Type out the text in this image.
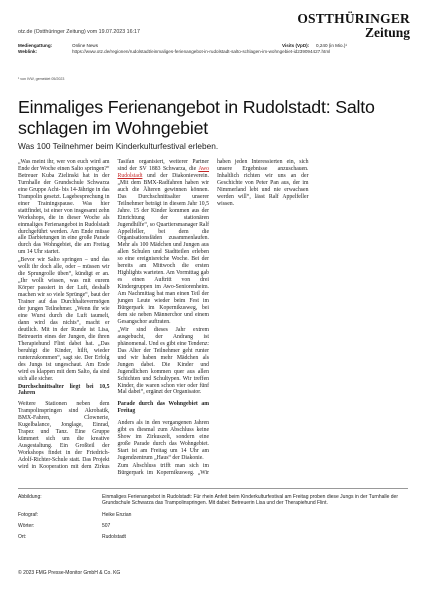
otz.de (Ostthüringer Zeitung) vom 19.07.2023 16:17
OSTTHÜRINGER
Zeitung
Mediengattung:	Online News	Visits (VpD):	0,240 (in Mio.)¹
Weblink:	https://www.otz.de/regionen/rudolstadt/einmaliges-ferienangebot-in-rudolstadt-salto-schlagen-im-wohngebiet-id239094427.html
¹ von IVW, gemeldet 05/2023
Einmaliges Ferienangebot in Rudolstadt: Salto schlagen im Wohngebiet
Was 100 Teilnehmer beim Kinderkulturfestival erleben.

„Was meint ihr, wer von euch wird am Ende der Woche einen Salto springen?“ Betreuer Kuba Zielinski hat in der Turnhalle der Grundschule Schwarza eine Gruppe Acht- bis 14-Jährige in das Trampolin gesetzt. Lagebesprechung in einer Trainingspause. Was hier stattfindet, ist einer von insgesamt zehn Workshops, die in dieser Woche als einmaliges Ferienangebot in Rudolstadt durchgeführt werden. Am Ende müsse alle Darbietungen in eine große Parade durch das Wohngebiet, die am Freitag um 14 Uhr startet.

„Bevor wir Salto springen – und das wollt ihr doch alle, oder – müssen wir die Sprungrolle üben“, kündigt er an. „Ihr wollt wissen, was mit eurem Körper passiert in der Luft, deshalb machen wir so viele Sprünge“, baut der Trainer auf das Durchhaltevermögen der jungen Teilnehmer. „Wenn ihr wie eine Wurst durch die Luft taumelt, dann wird das nichts“, macht er deutlich. Mit in der Runde ist Lisa, Betreuerin eines der Jungen, die ihren Therapiehund Flint dabei hat. „Das beruhigt die Kinder, hilft, wieder runterzukommen“, sagt sie. Der Erfolg des Jungs ist ungeschaut. Am Ende wird es klappen mit dem Salto, da sind sich alle sicher.

Durchschnittsalter liegt bei 10,5 Jahren

Weitere Stationen neben dem Trampolinspringen sind Akrobatik, BMX-Fahren, Clownerie, Kugelbalance, Jonglage, Einrad, Trapez und Tanz. Eine Gruppe kümmert sich um die kreative Ausgestaltung. Ein Großteil der Workshops findet in der Friedrich-Adolf-Richter-Schule statt. Das Projekt wird in Kooperation mit dem Zirkus Tasifan organisiert, weiterer Partner sind der SV 1883 Schwarza, die Awo Rudolstadt und der Diakonieverein. „Mit dem BMX-Radfahren haben wir auch die Älteren gewinnen können. Das Durchschnittsalter unserer Teilnehmer beträgt in diesem Jahr 10,5 Jahre. 15 der Kinder kommen aus der Einrichtung der stationären Jugendhilfe“, so Quartiersmanager Ralf Appelfeller, bei dem die Organisationsfäden zusammenlaufen. Mehr als 100 Mädchen und Jungen aus allen Schulen und Stadtteilen erleben so eine ereignisreiche Woche. Bei der bereits am Mittwoch die ersten Highlights warteten. Am Vormittag gab es einen Auftritt von drei Kindergruppen im Awo-Seniorenheim. Am Nachmittag bat man einen Teil der jungen Leute wieder beim Fest im Bürgerpark im Kopernikusweg, bei dem sie neben Männerchor und einem Gesangschor auftraten.

„Wir sind dieses Jahr extrem ausgebucht, der Andrang ist phänomenal. Und es gibt eine Tendenz: Das Alter der Teilnehmer geht runter und wir haben mehr Mädchen als Jungen dabei. Die Kinder und Jugendlichen kommen quer aus allen Schichten und Schultypen. Wir treffen Kinder, die waren schon vier oder fünf Mal dabei“, ergänzt der Organisator.

Parade durch das Wohngebiet am Freitag

Anders als in den vergangenen Jahren gibt es diesmal zum Abschluss keine Show im Zirkuszelt, sondern eine große Parade durch das Wohngebiet. Start ist am Freitag um 14 Uhr am Jugendzentrum „Haus“ der Diakonie.

Zum Abschluss trifft man sich im Bürgerpark im Kopernikusweg. „Wir haben jeden Interessierten ein, sich unsere Ergebnisse anzuschauen. Inhaltlich richten wir uns an der Geschichte von Peter Pan aus, der im Nimmerland lebt und nie erwachsen werden will“, lässt Ralf Appelfeller wissen.

Abbildung:	Einmaliges Ferienangebot in Rudolstadt: Für rhein Anfeit beim Kinderkulturfestival am Freitag proben diese Jungs in der Turnhalle der Grundschule Schwarza das Trampolinspringen. Mit dabei: Betreuerin Lisa und der Therapiehund Flint.
Fotograf:	Heike Enzian
Wörter:	507
Ort:	Rudolstadt
© 2023 FMG Presse-Monitor GmbH & Co. KG
